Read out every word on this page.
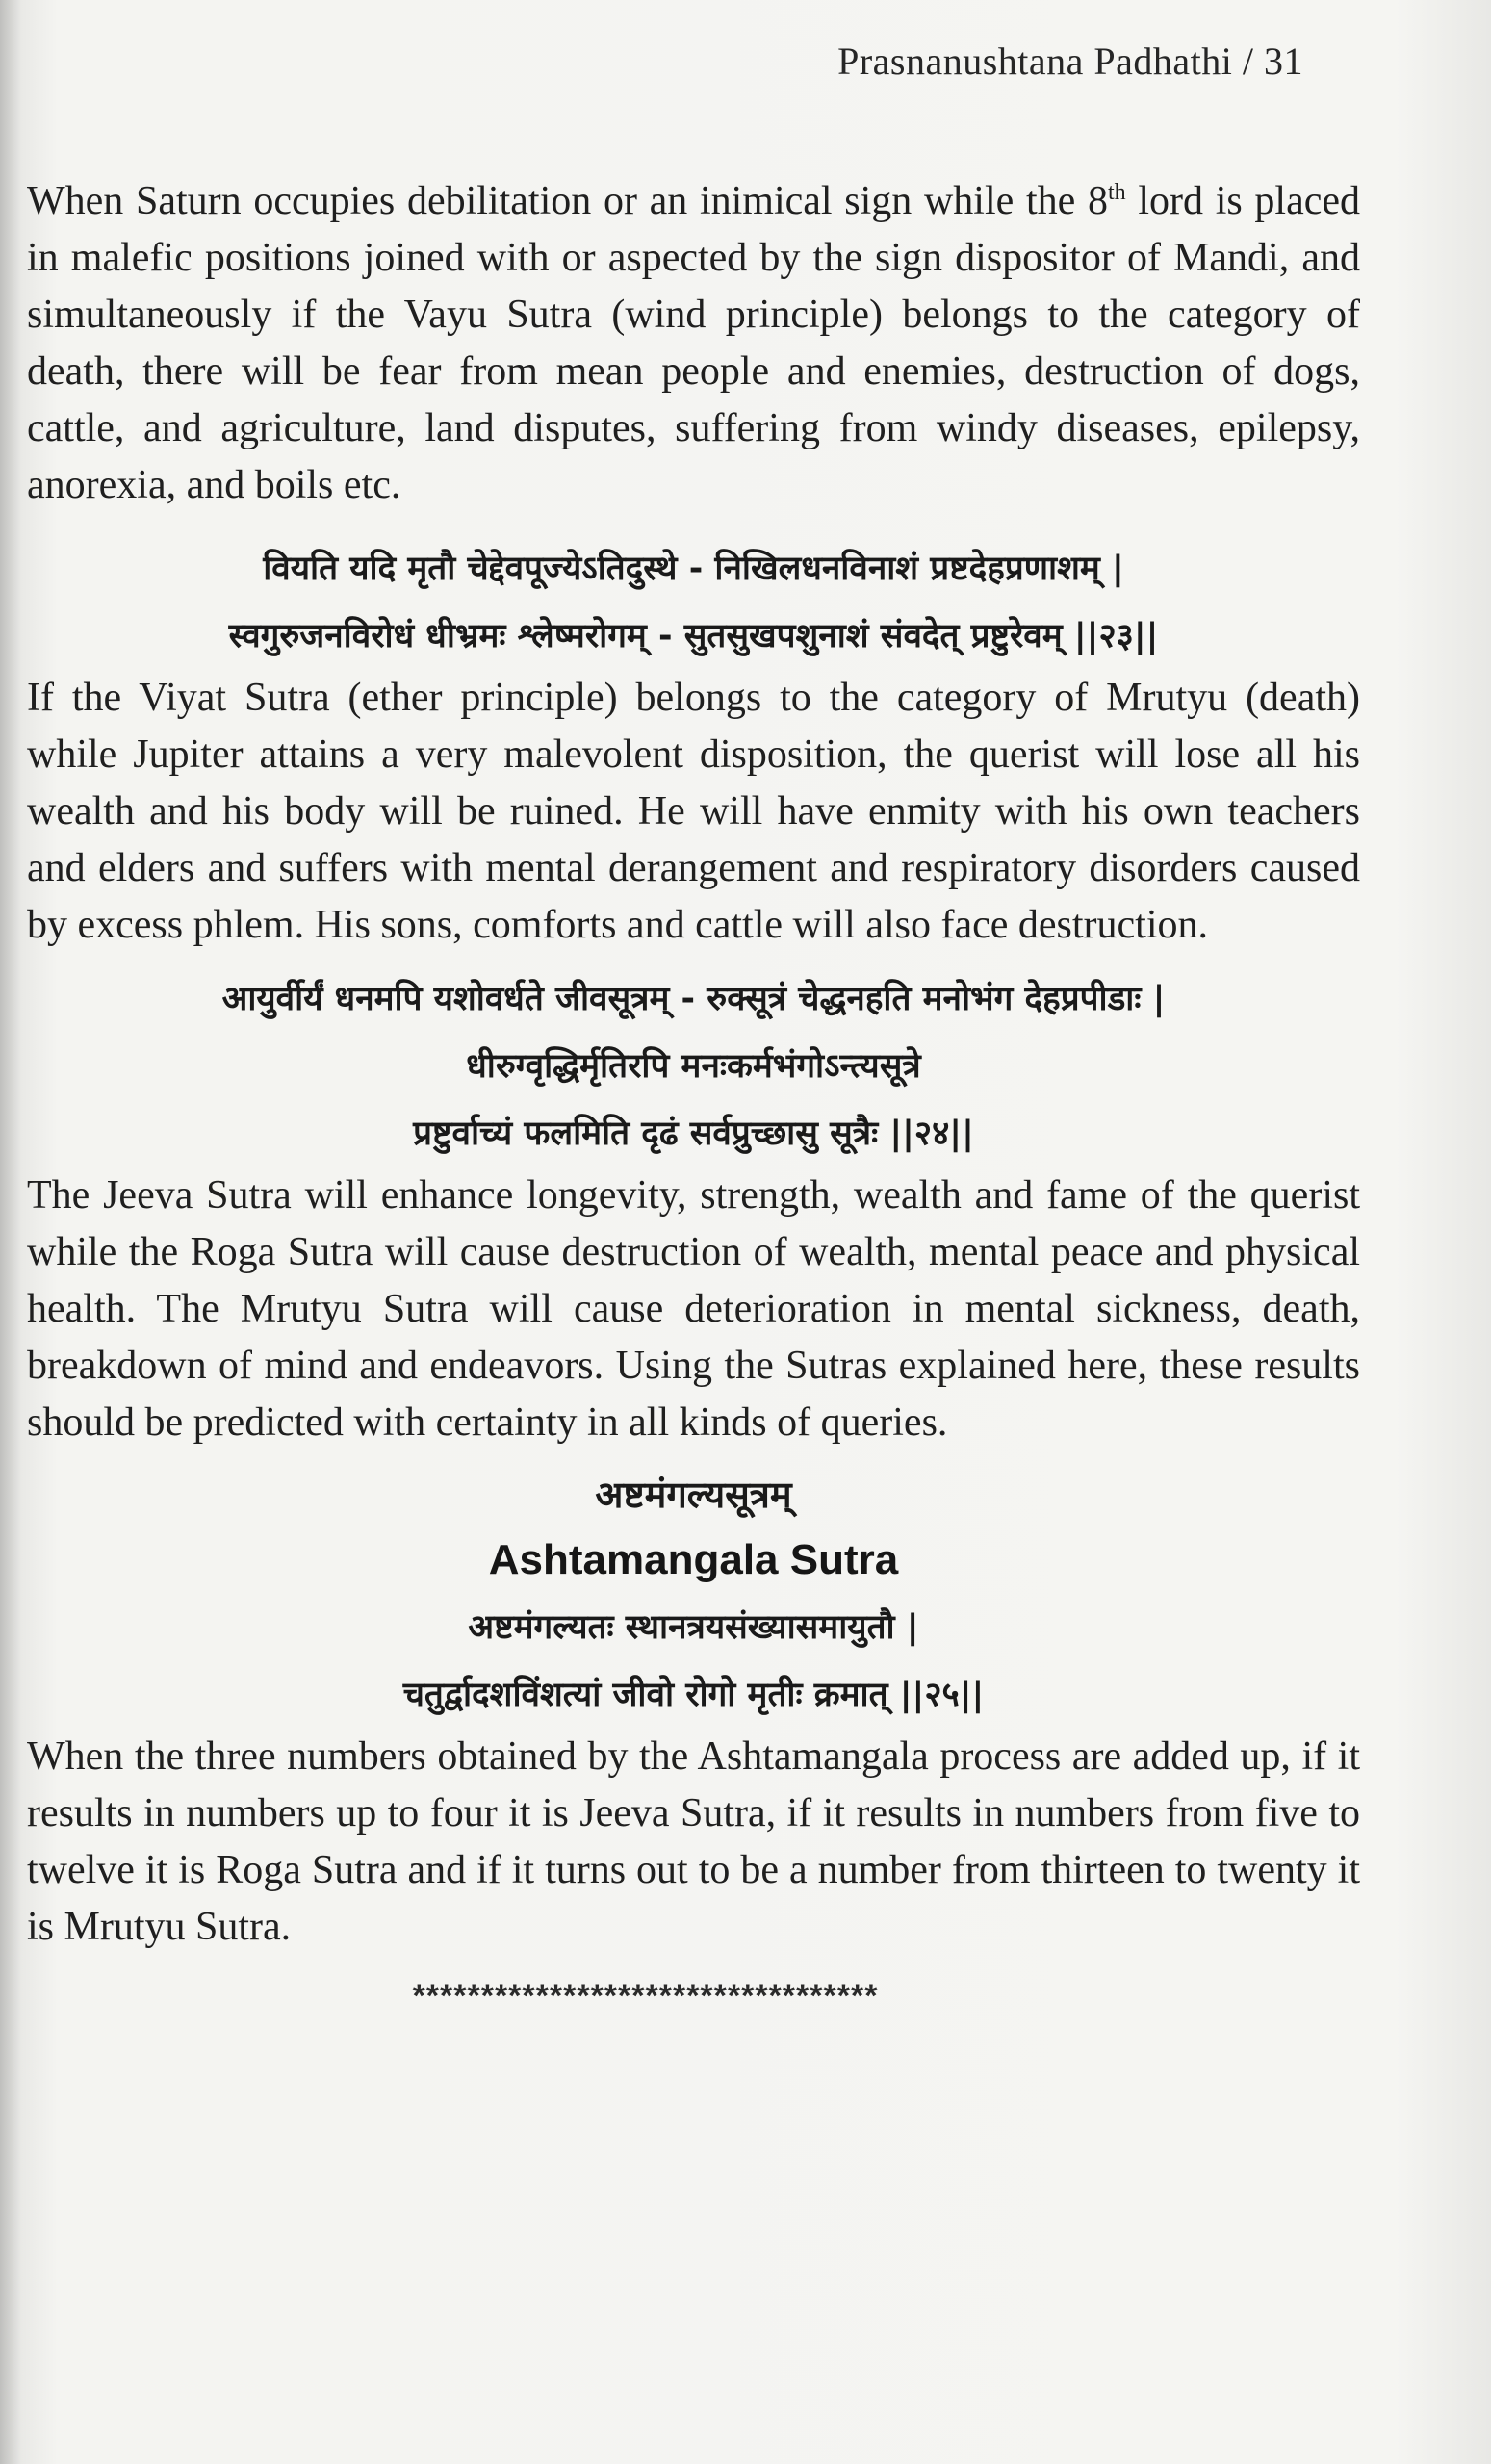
Prasnanushtana Padhathi / 31

When Saturn occupies debilitation or an inimical sign while the 8th lord is placed in malefic positions joined with or aspected by the sign dispositor of Mandi, and simultaneously if the Vayu Sutra (wind principle) belongs to the category of death, there will be fear from mean people and enemies, destruction of dogs, cattle, and agriculture, land disputes, suffering from windy diseases, epilepsy, anorexia, and boils etc.

वियति यदि मृतौ चेद्देवपूज्येऽतिदुस्थे - निखिलधनविनाशं प्रष्टदेहप्रणाशम् |
स्वगुरुजनविरोधं धीभ्रमः श्लेष्मरोगम् - सुतसुखपशुनाशं संवदेत् प्रष्टुरेवम् ||२३||

If the Viyat Sutra (ether principle) belongs to the category of Mrutyu (death) while Jupiter attains a very malevolent disposition, the querist will lose all his wealth and his body will be ruined. He will have enmity with his own teachers and elders and suffers with mental derangement and respiratory disorders caused by excess phlem. His sons, comforts and cattle will also face destruction.

आयुर्वीर्यं धनमपि यशोवर्धते जीवसूत्रम् - रुक्सूत्रं चेद्धनहति मनोभंग देहप्रपीडाः |
धीरुग्वृद्धिर्मृतिरपि मनःकर्मभंगोऽन्त्यसूत्रे
प्रष्टुर्वाच्यं फलमिति दृढं सर्वप्रुच्छासु सूत्रैः ||२४||

The Jeeva Sutra will enhance longevity, strength, wealth and fame of the querist while the Roga Sutra will cause destruction of wealth, mental peace and physical health. The Mrutyu Sutra will cause deterioration in mental sickness, death, breakdown of mind and endeavors. Using the Sutras explained here, these results should be predicted with certainty in all kinds of queries.

अष्टमंगल्यसूत्रम्

Ashtamangala Sutra

अष्टमंगल्यतः स्थानत्रयसंख्यासमायुतौ |
चतुर्द्वादशविंशत्यां जीवो रोगो मृतीः क्रमात् ||२५||

When the three numbers obtained by the Ashtamangala process are added up, if it results in numbers up to four it is Jeeva Sutra, if it results in numbers from five to twelve it is Roga Sutra and if it turns out to be a number from thirteen to twenty it is Mrutyu Sutra.

**********************************
